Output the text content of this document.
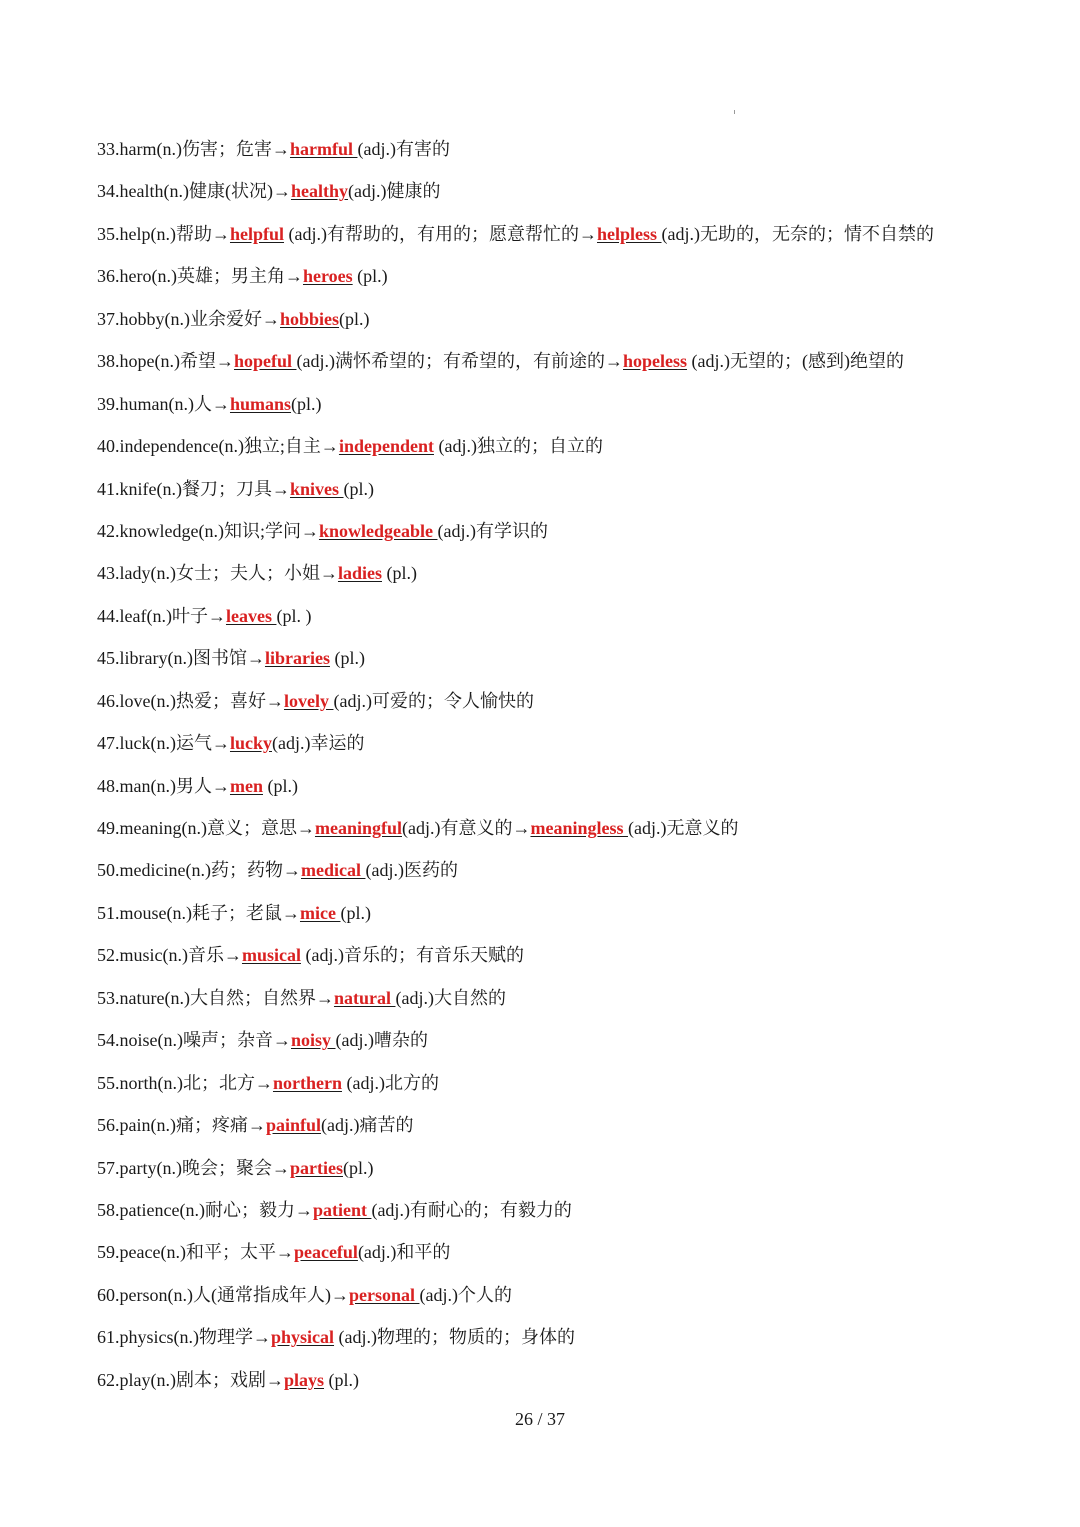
33.harm(n.)伤害；危害→harmful (adj.)有害的
34.health(n.)健康(状况)→healthy(adj.)健康的
35.help(n.)帮助→helpful (adj.)有帮助的，有用的；愿意帮忙的→helpless (adj.)无助的，无奈的；情不自禁的
36.hero(n.)英雄；男主角→heroes (pl.)
37.hobby(n.)业余爱好→hobbies(pl.)
38.hope(n.)希望→hopeful (adj.)满怀希望的；有希望的，有前途的→hopeless (adj.)无望的；(感到)绝望的
39.human(n.)人→humans(pl.)
40.independence(n.)独立;自主→independent (adj.)独立的；自立的
41.knife(n.)餐刀；刀具→knives (pl.)
42.knowledge(n.)知识;学问→knowledgeable (adj.)有学识的
43.lady(n.)女士；夫人；小姐→ladies (pl.)
44.leaf(n.)叶子→leaves (pl. )
45.library(n.)图书馆→libraries (pl.)
46.love(n.)热爱；喜好→lovely (adj.)可爱的；令人愉快的
47.luck(n.)运气→lucky(adj.)幸运的
48.man(n.)男人→men (pl.)
49.meaning(n.)意义；意思→meaningful(adj.)有意义的→meaningless (adj.)无意义的
50.medicine(n.)药；药物→medical (adj.)医药的
51.mouse(n.)耗子；老鼠→mice (pl.)
52.music(n.)音乐→musical (adj.)音乐的；有音乐天赋的
53.nature(n.)大自然；自然界→natural (adj.)大自然的
54.noise(n.)噪声；杂音→noisy (adj.)嘈杂的
55.north(n.)北；北方→northern (adj.)北方的
56.pain(n.)痛；疼痛→painful(adj.)痛苦的
57.party(n.)晚会；聚会→parties(pl.)
58.patience(n.)耐心；毅力→patient (adj.)有耐心的；有毅力的
59.peace(n.)和平；太平→peaceful(adj.)和平的
60.person(n.)人(通常指成年人)→personal (adj.)个人的
61.physics(n.)物理学→physical (adj.)物理的；物质的；身体的
62.play(n.)剧本；戏剧→plays (pl.)
26 / 37
